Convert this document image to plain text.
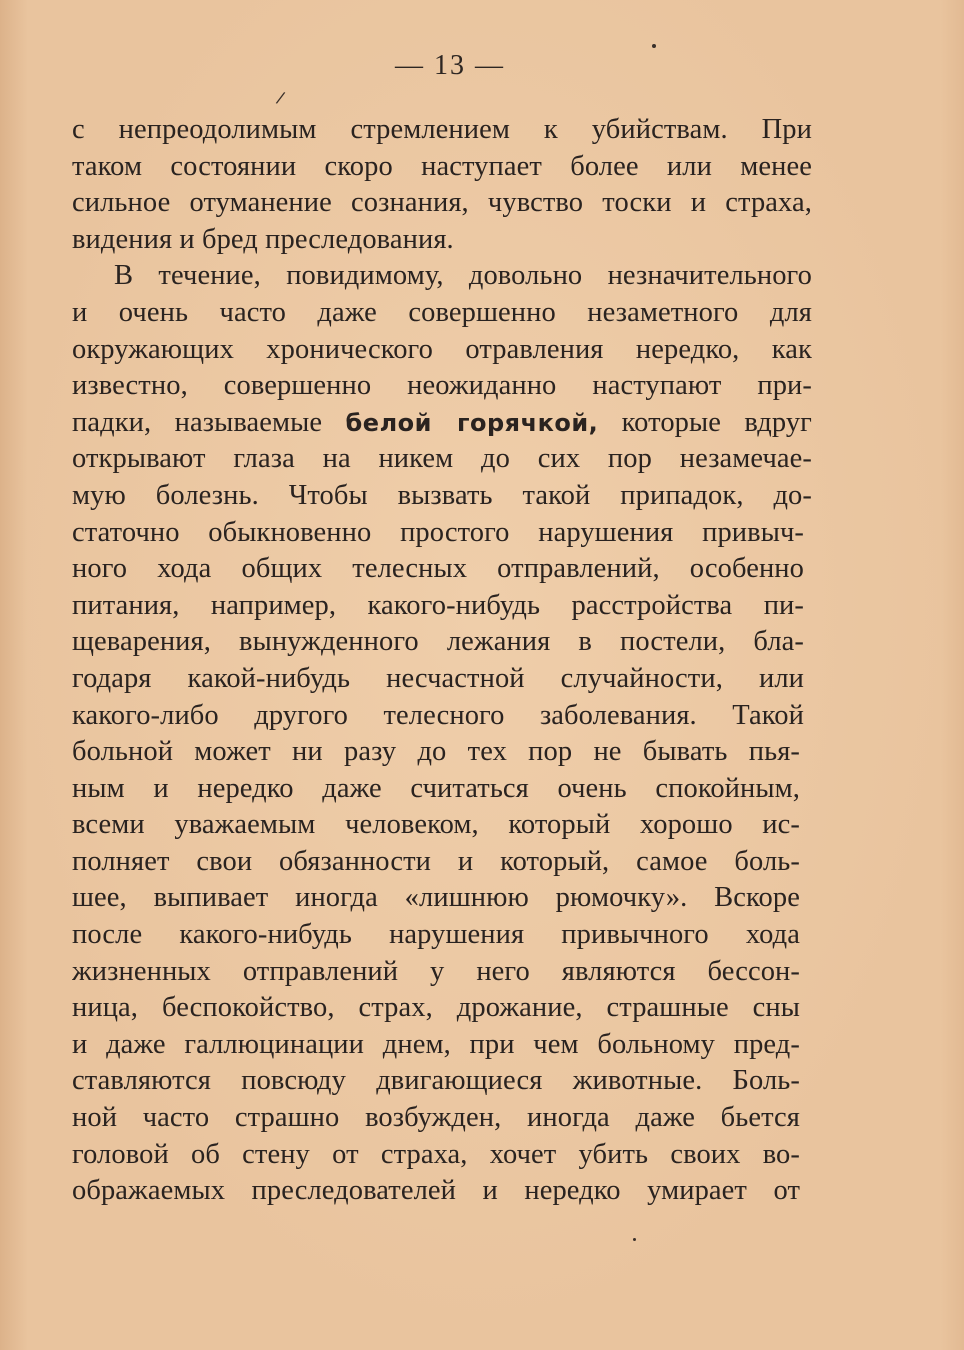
— 13 —
/
с непреодолимым стремлением к убийствам. При
таком состоянии скоро наступает более или менее
сильное отуманение сознания, чувство тоски и страха,
видения и бред преследования.
В течение, повидимому, довольно незначительного
и очень часто даже совершенно незаметного для
окружающих хронического отравления нередко, как
известно, совершенно неожиданно наступают при-
падки, называемые белой горячкой, которые вдруг
открывают глаза на никем до сих пор незамечае-
мую болезнь. Чтобы вызвать такой припадок, до-
статочно обыкновенно простого нарушения привыч-
ного хода общих телесных отправлений, особенно
питания, например, какого-нибудь расстройства пи-
щеварения, вынужденного лежания в постели, бла-
годаря какой-нибудь несчастной случайности, или
какого-либо другого телесного заболевания. Такой
больной может ни разу до тех пор не бывать пья-
ным и нередко даже считаться очень спокойным,
всеми уважаемым человеком, который хорошо ис-
полняет свои обязанности и который, самое боль-
шее, выпивает иногда «лишнюю рюмочку». Вскоре
после какого-нибудь нарушения привычного хода
жизненных отправлений у него являются бессон-
ница, беспокойство, страх, дрожание, страшные сны
и даже галлюцинации днем, при чем больному пред-
ставляются повсюду двигающиеся животные. Боль-
ной часто страшно возбужден, иногда даже бьется
головой об стену от страха, хочет убить своих во-
ображаемых преследователей и нередко умирает от
